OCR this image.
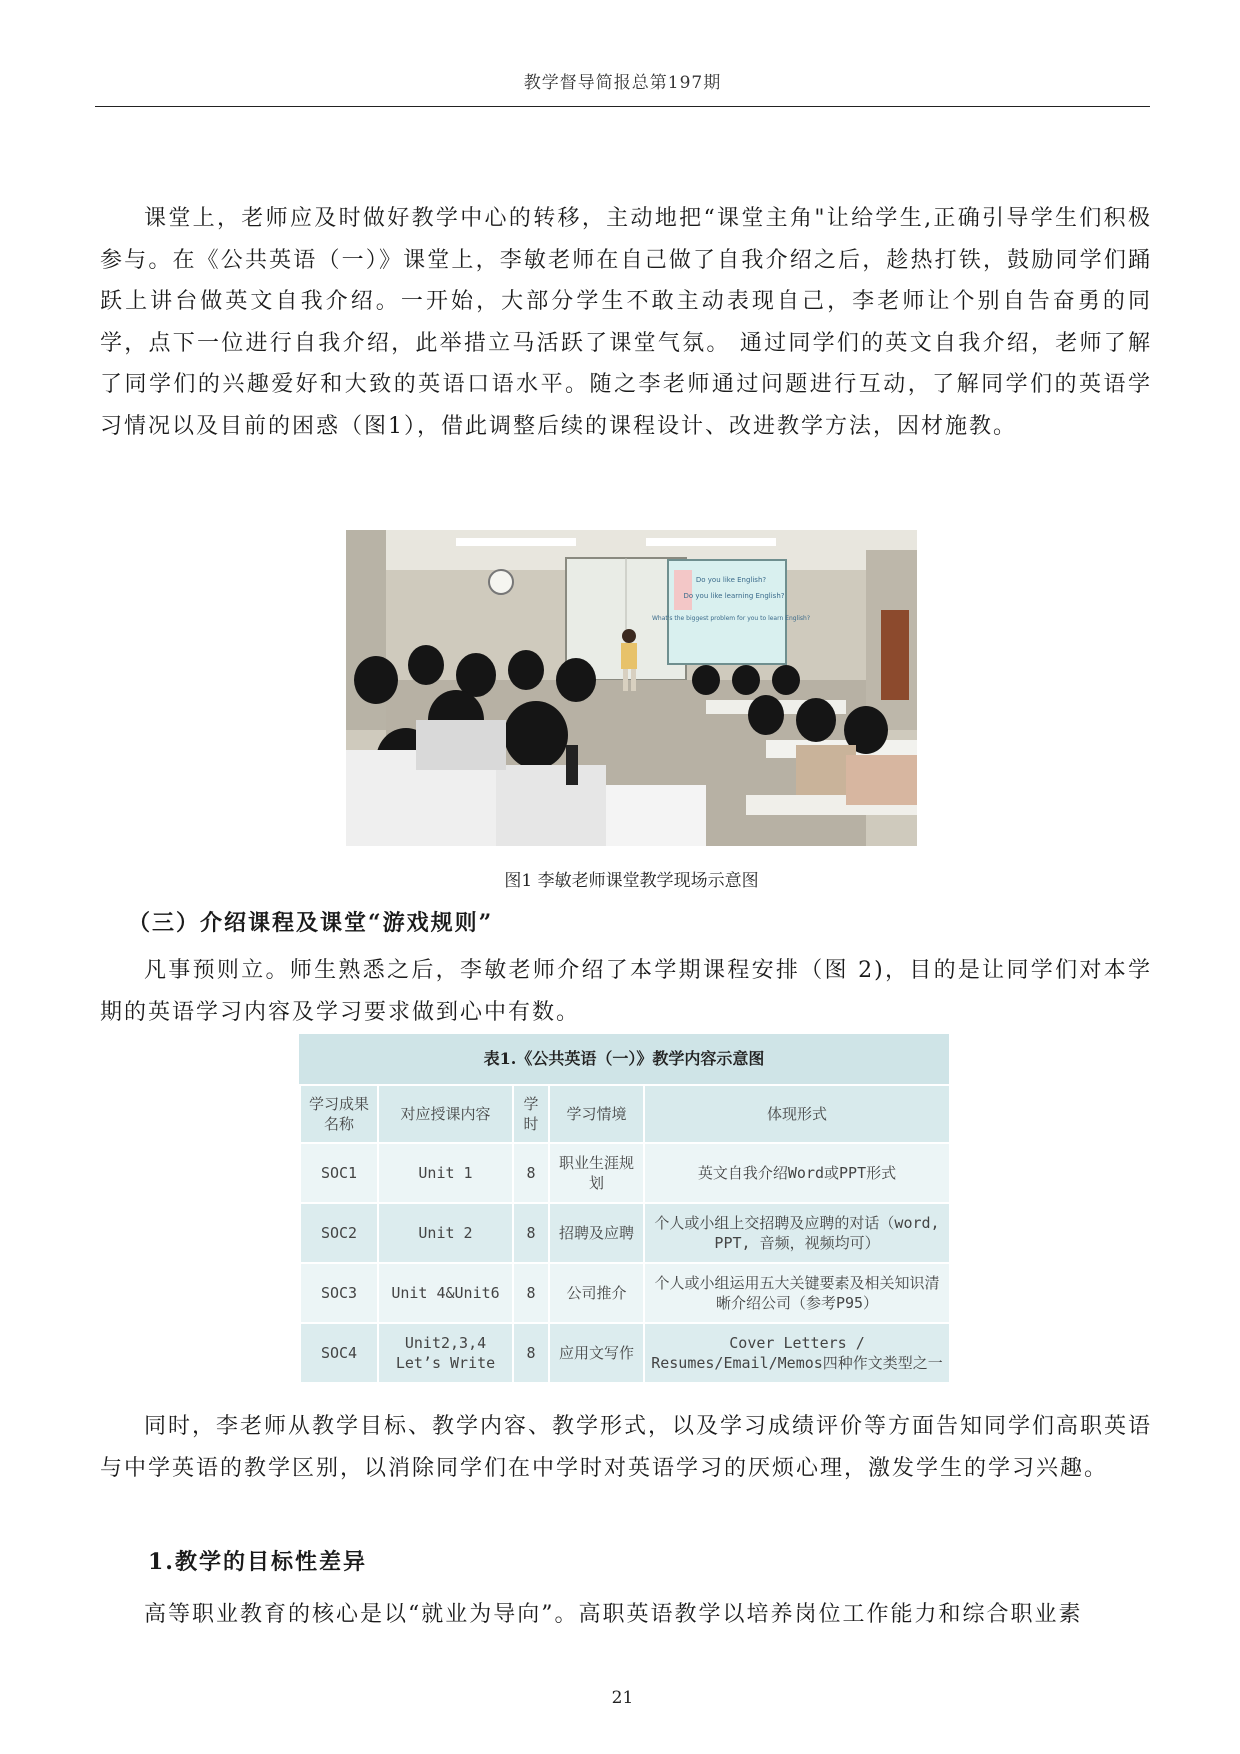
教学督导简报总第197期

课堂上，老师应及时做好教学中心的转移，主动地把“课堂主角"让给学生,正确引导学生们积极参与。在《公共英语（一）》课堂上，李敏老师在自己做了自我介绍之后，趁热打铁，鼓励同学们踊跃上讲台做英文自我介绍。一开始，大部分学生不敢主动表现自己，李老师让个别自告奋勇的同学，点下一位进行自我介绍，此举措立马活跃了课堂气氛。 通过同学们的英文自我介绍，老师了解了同学们的兴趣爱好和大致的英语口语水平。随之李老师通过问题进行互动，了解同学们的英语学习情况以及目前的困惑（图1），借此调整后续的课程设计、改进教学方法，因材施教。

Do you like English?
Do you like learning English?
What's the biggest problem for you to learn English?
图1 李敏老师课堂教学现场示意图
（三）介绍课程及课堂“游戏规则”

凡事预则立。师生熟悉之后，李敏老师介绍了本学期课程安排（图 2)，目的是让同学们对本学期的英语学习内容及学习要求做到心中有数。

表1.《公共英语（一）》教学内容示意图
学习成果名称	对应授课内容	学时	学习情境	体现形式
SOC1	Unit 1	8	职业生涯规划	英文自我介绍Word或PPT形式
SOC2	Unit 2	8	招聘及应聘	个人或小组上交招聘及应聘的对话（word, PPT, 音频，视频均可）
SOC3	Unit 4&Unit6	8	公司推介	个人或小组运用五大关键要素及相关知识清晰介绍公司（参考P95）
SOC4	Unit2,3,4 Let’s Write	8	应用文写作	Cover Letters / Resumes/Email/Memos四种作文类型之一

同时，李老师从教学目标、教学内容、教学形式，以及学习成绩评价等方面告知同学们高职英语与中学英语的教学区别，以消除同学们在中学时对英语学习的厌烦心理，激发学生的学习兴趣。

1.教学的目标性差异

高等职业教育的核心是以“就业为导向”。高职英语教学以培养岗位工作能力和综合职业素

21
